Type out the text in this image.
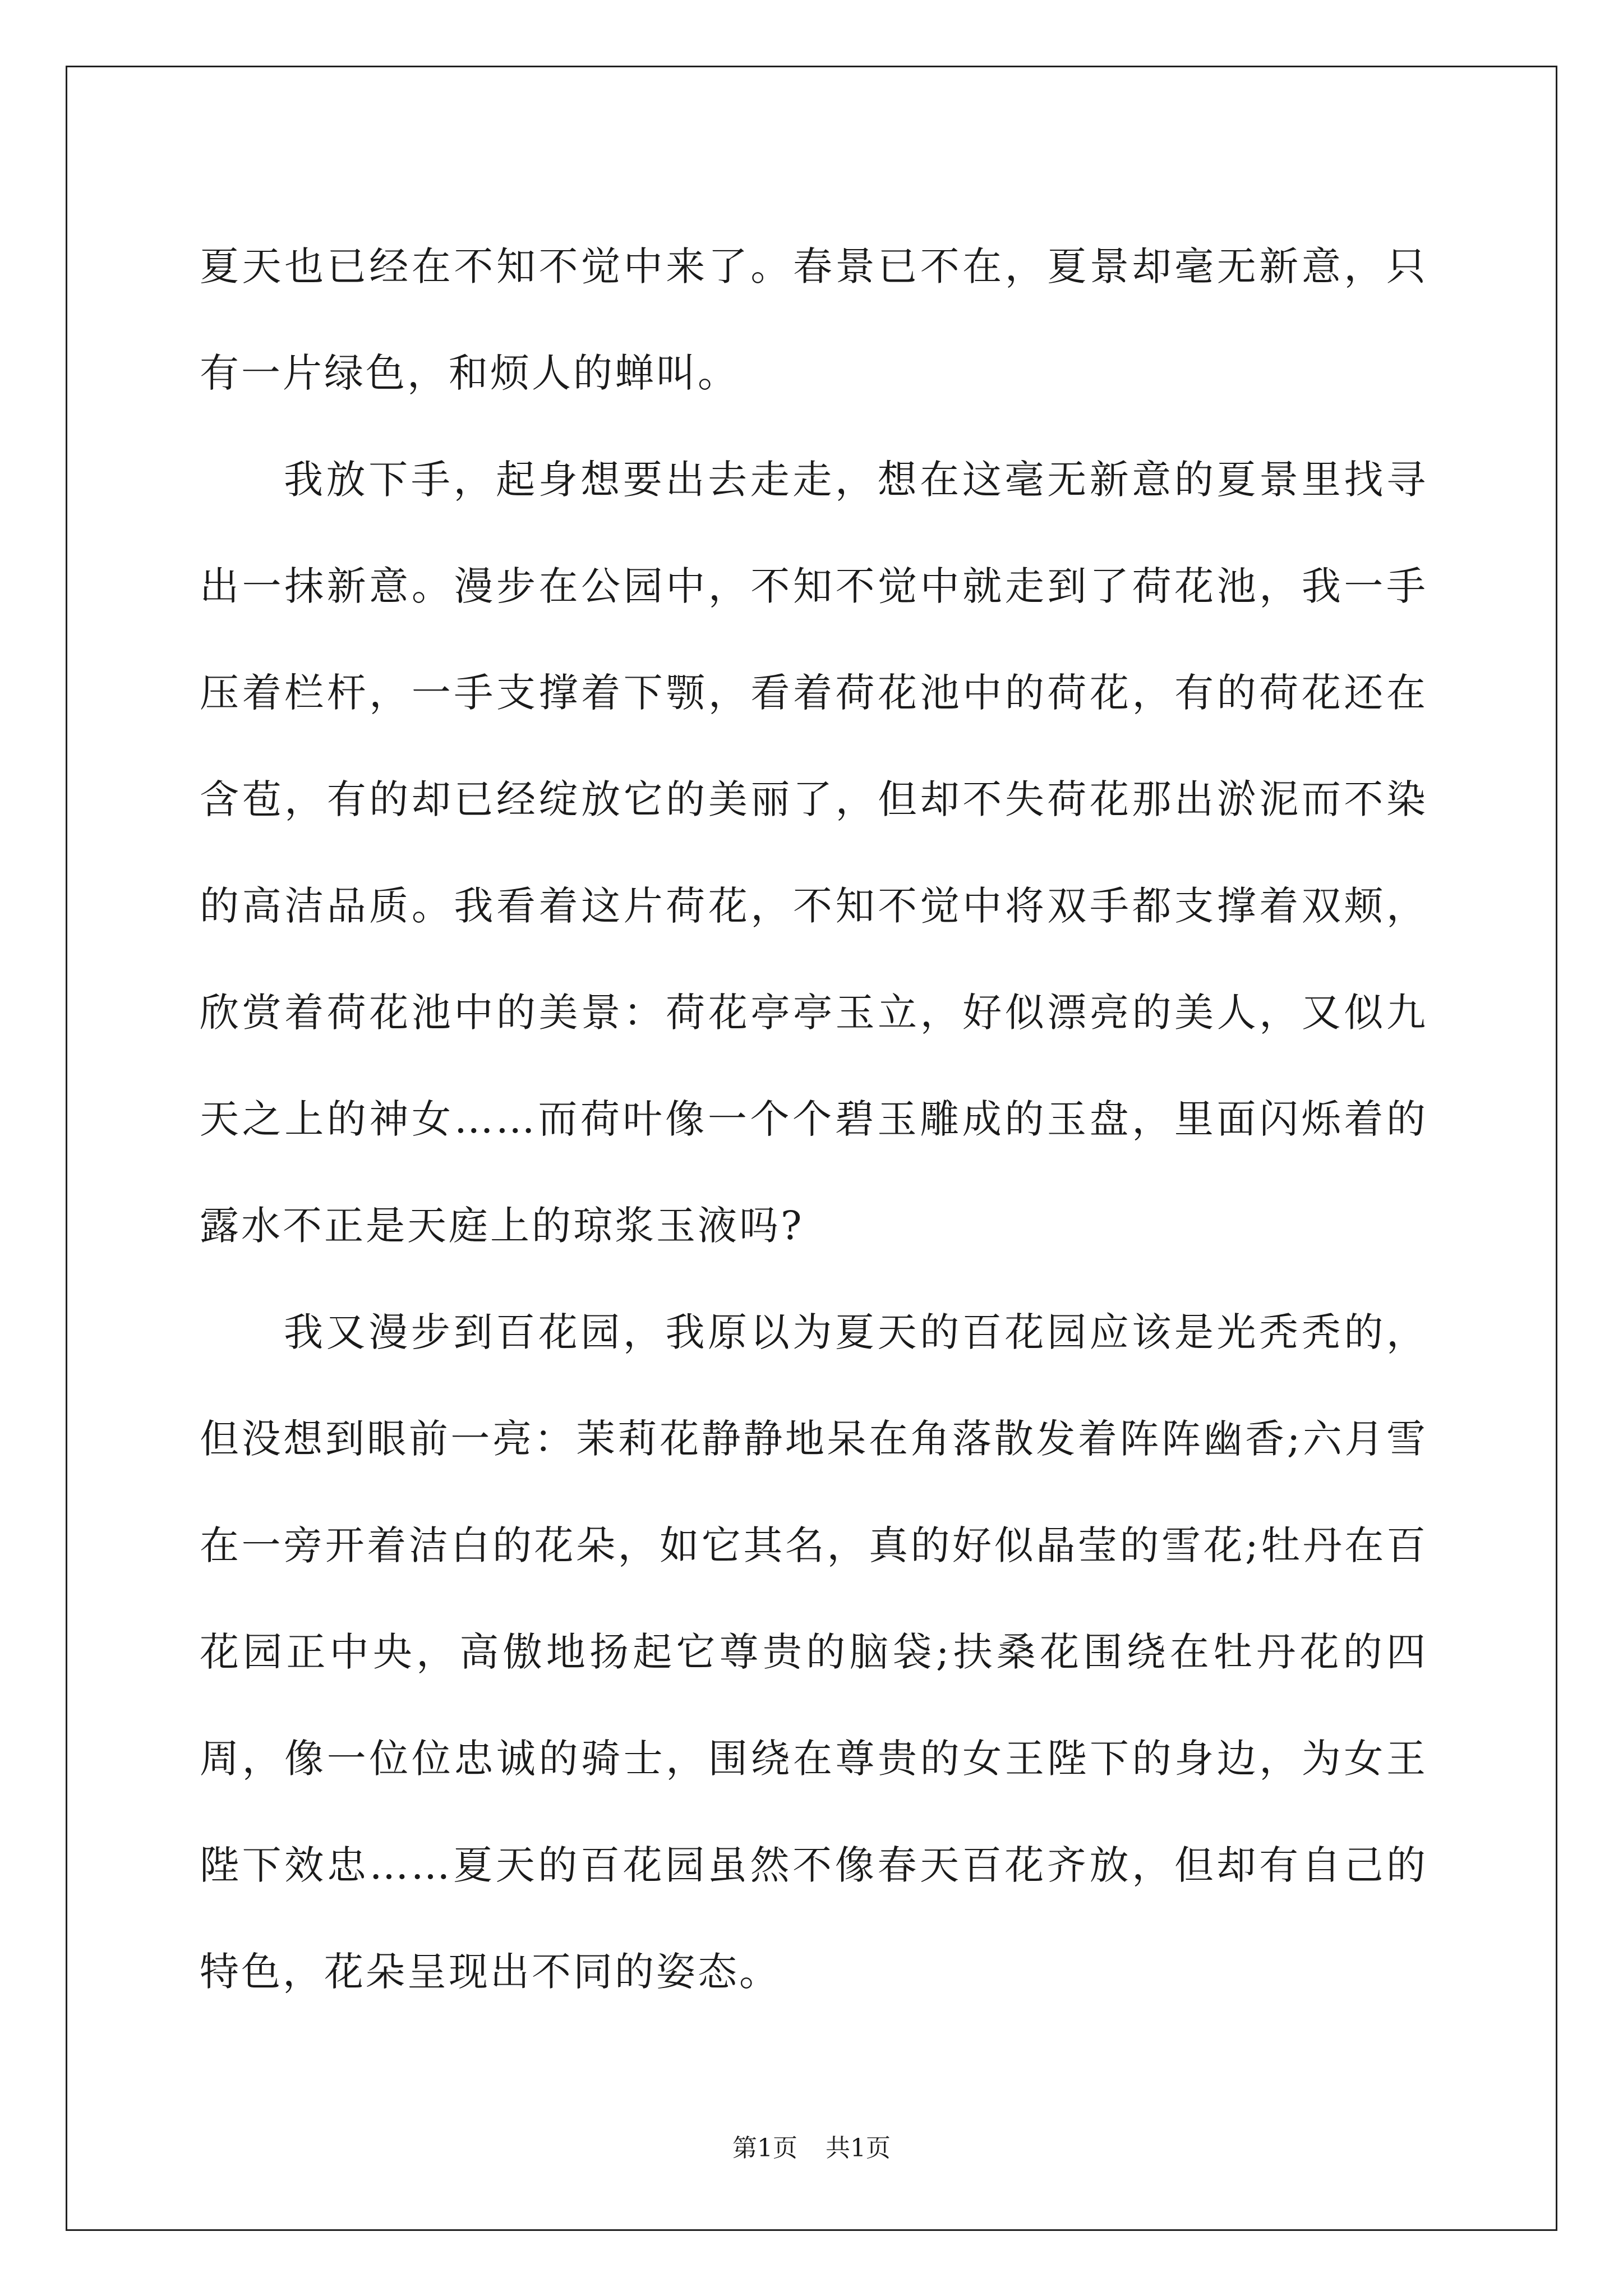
夏天也已经在不知不觉中来了。春景已不在，夏景却毫无新意，只有一片绿色，和烦人的蝉叫。

我放下手，起身想要出去走走，想在这毫无新意的夏景里找寻出一抹新意。漫步在公园中，不知不觉中就走到了荷花池，我一手压着栏杆，一手支撑着下颚，看着荷花池中的荷花，有的荷花还在含苞，有的却已经绽放它的美丽了，但却不失荷花那出淤泥而不染的高洁品质。我看着这片荷花，不知不觉中将双手都支撑着双颊，欣赏着荷花池中的美景：荷花亭亭玉立，好似漂亮的美人，又似九天之上的神女……而荷叶像一个个碧玉雕成的玉盘，里面闪烁着的露水不正是天庭上的琼浆玉液吗?

我又漫步到百花园，我原以为夏天的百花园应该是光秃秃的，但没想到眼前一亮：茉莉花静静地呆在角落散发着阵阵幽香;六月雪在一旁开着洁白的花朵，如它其名，真的好似晶莹的雪花;牡丹在百花园正中央，高傲地扬起它尊贵的脑袋;扶桑花围绕在牡丹花的四周，像一位位忠诚的骑士，围绕在尊贵的女王陛下的身边，为女王陛下效忠……夏天的百花园虽然不像春天百花齐放，但却有自己的特色，花朵呈现出不同的姿态。

第1页 共1页
